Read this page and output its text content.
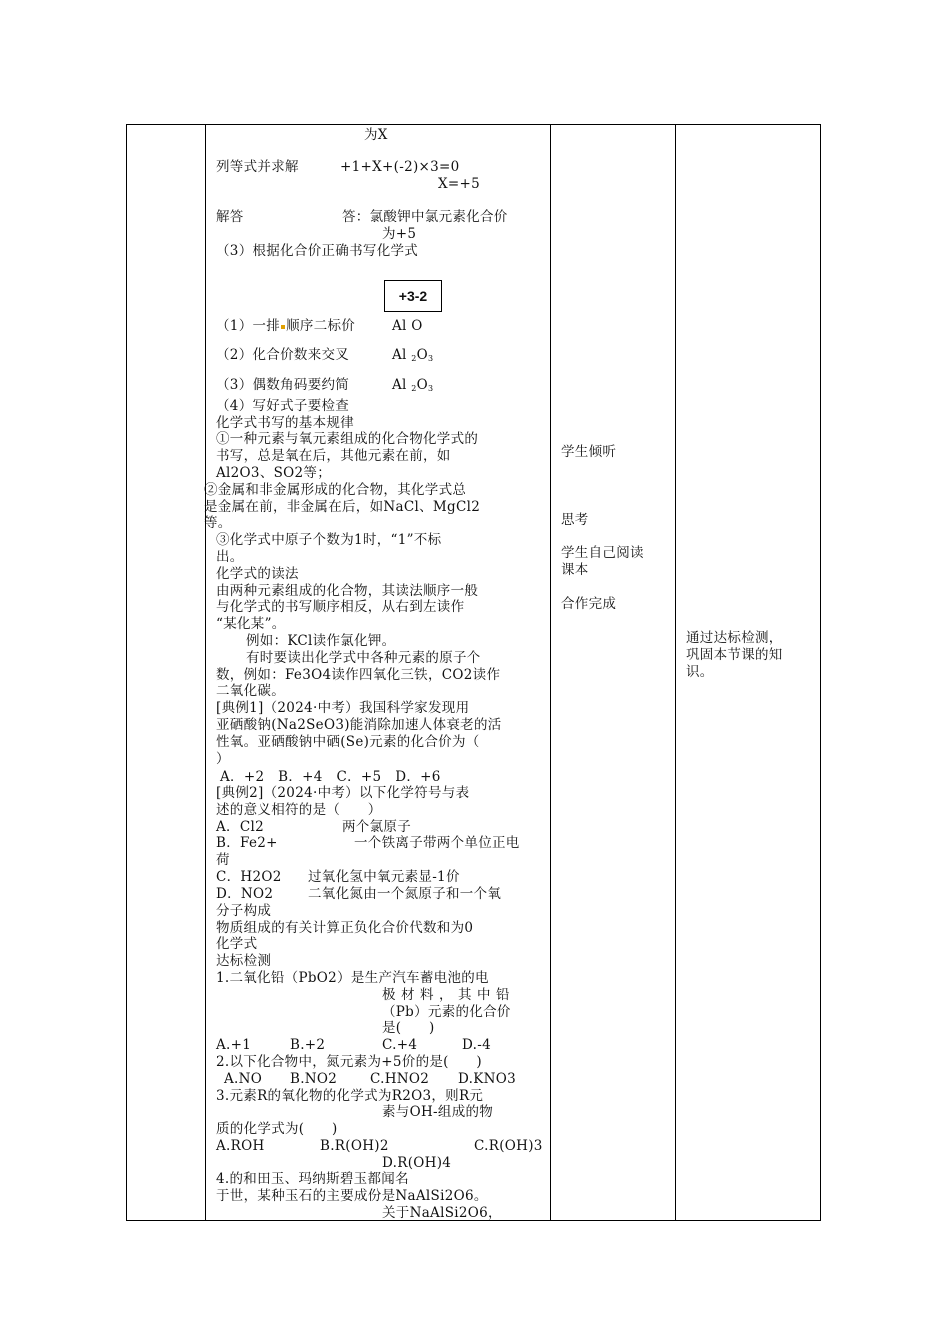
为X
列等式并求解	+1+X+(-2)×3=0
X=+5
解答	答：氯酸钾中氯元素化合价
为+5
（3）根据化合价正确书写化学式
+3-2
（1）一排 顺序二标价	Al O
（2）化合价数来交叉	Al $_2O_3$
（3）偶数角码要约简	Al $_2O_3$
（4）写好式子要检查
化学式书写的基本规律
①一种元素与氧元素组成的化合物化学式的
书写，总是氧在后，其他元素在前，如
Al2O3、SO2等；
②金属和非金属形成的化合物，其化学式总
是金属在前，非金属在后，如NaCl、MgCl2
等。
③化学式中原子个数为1时，“1”不标
出。
化学式的读法
由两种元素组成的化合物，其读法顺序一般
与化学式的书写顺序相反，从右到左读作
“某化某”。
例如：KCl读作氯化钾。
有时要读出化学式中各种元素的原子个
数，例如：Fe3O4读作四氧化三铁，CO2读作
二氧化碳。
[典例1]（2024·中考）我国科学家发现用
亚硒酸钠(Na2SeO3)能消除加速人体衰老的活
性氧。亚硒酸钠中硒(Se)元素的化合价为（
）
A．+2　B．+4　C．+5　D．+6
[典例2]（2024·中考）以下化学符号与表
述的意义相符的是（　　）
A．Cl2	两个氯原子
B．Fe2+	一个铁离子带两个单位正电
荷
C．H2O2 过氧化氢中氧元素显-1价
D．NO2	二氧化氮由一个氮原子和一个氧
分子构成
物质组成的有关计算正负化合价代数和为0
化学式
达标检测
1.二氧化铅（PbO2）是生产汽车蓄电池的电
极材料，其中铅
（Pb）元素的化合价
是(　　)
A.+1	B.+2	C.+4	D.-4
2.以下化合物中，氮元素为+5价的是(　　)
A.NO B.NO2 C.HNO2 D.KNO3
3.元素R的氧化物的化学式为R2O3，则R元
素与OH-组成的物
质的化学式为(　　)
A.ROH	B.R(OH)2	C.R(OH)3
D.R(OH)4
4.的和田玉、玛纳斯碧玉都闻名
于世，某种玉石的主要成份是NaAlSi2O6。
关于NaAlSi2O6，

学生倾听
思考
学生自己阅读
课本
合作完成

通过达标检测，
巩固本节课的知
识。
